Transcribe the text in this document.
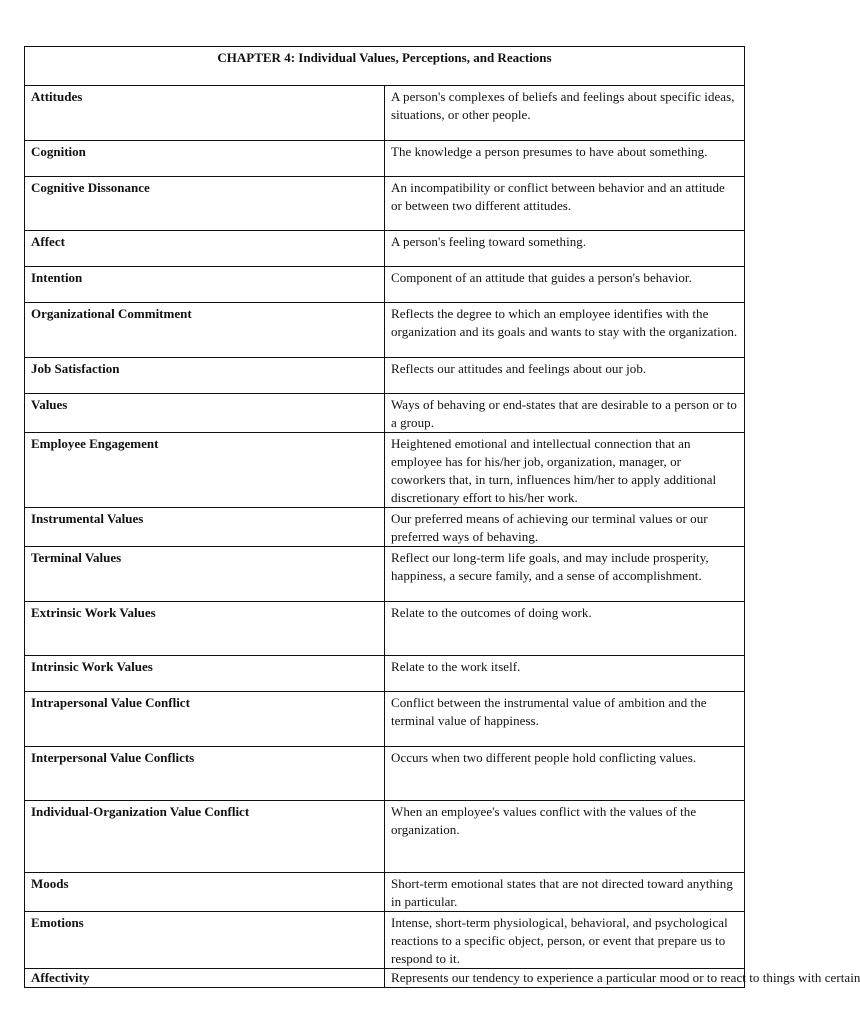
CHAPTER 4: Individual Values, Perceptions, and Reactions	
Attitudes	A person's complexes of beliefs and feelings about specific ideas, situations, or other people.
Cognition	The knowledge a person presumes to have about something.
Cognitive Dissonance	An incompatibility or conflict between behavior and an attitude or between two different attitudes.
Affect	A person's feeling toward something.
Intention	Component of an attitude that guides a person's behavior.
Organizational Commitment	Reflects the degree to which an employee identifies with the organization and its goals and wants to stay with the organization.
Job Satisfaction	Reflects our attitudes and feelings about our job.
Values	Ways of behaving or end-states that are desirable to a person or to a group.
Employee Engagement	Heightened emotional and intellectual connection that an employee has for his/her job, organization, manager, or coworkers that, in turn, influences him/her to apply additional discretionary effort to his/her work.
Instrumental Values	Our preferred means of achieving our terminal values or our preferred ways of behaving.
Terminal Values	Reflect our long-term life goals, and may include prosperity, happiness, a secure family, and a sense of accomplishment.
Extrinsic Work Values	Relate to the outcomes of doing work.
Intrinsic Work Values	Relate to the work itself.
Intrapersonal Value Conflict	Conflict between the instrumental value of ambition and the terminal value of happiness.
Interpersonal Value Conflicts	Occurs when two different people hold conflicting values.
Individual-Organization Value Conflict	When an employee's values conflict with the values of the organization.
Moods	Short-term emotional states that are not directed toward anything in particular.
Emotions	Intense, short-term physiological, behavioral, and psychological reactions to a specific object, person, or event that prepare us to respond to it.
Affectivity	Represents our tendency to experience a particular mood or to react to things with certain
